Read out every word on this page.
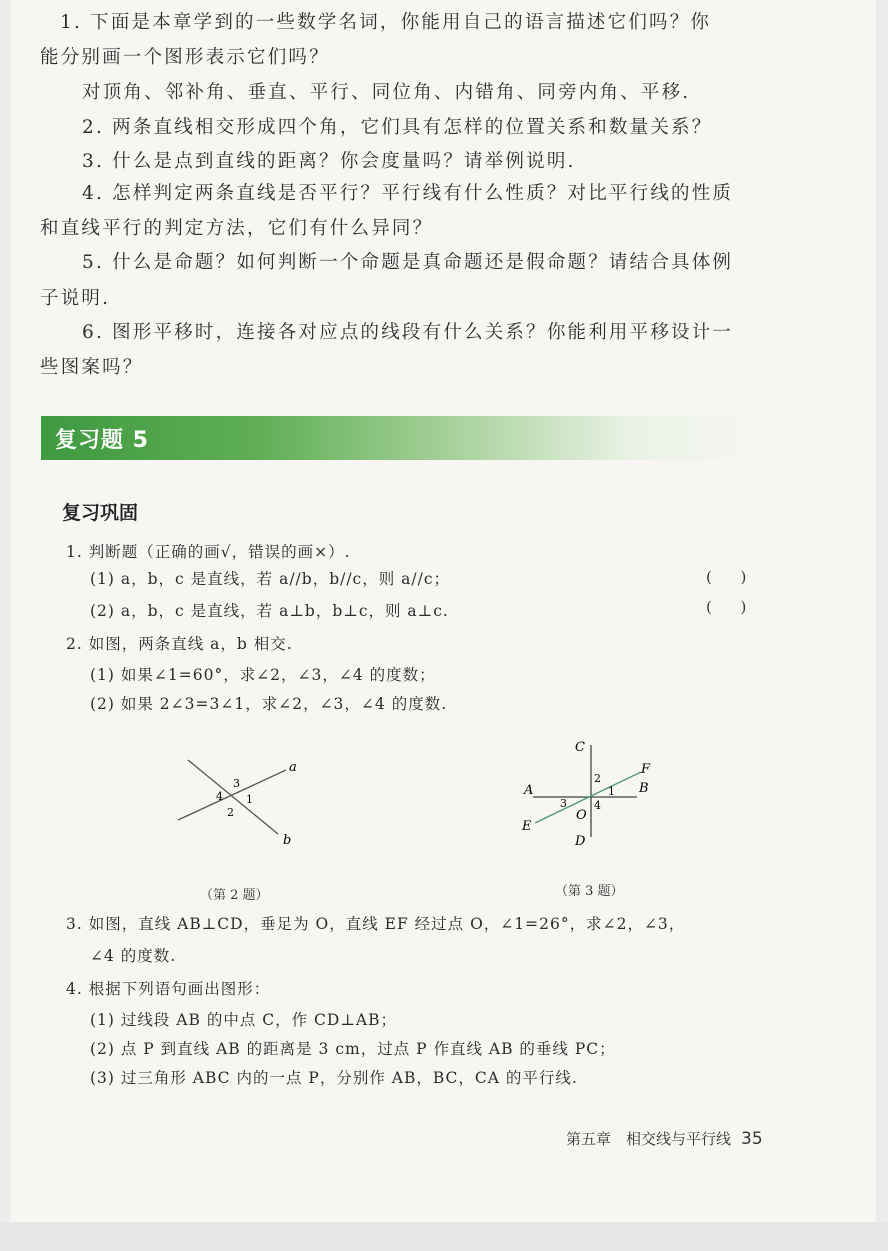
1. 下面是本章学到的一些数学名词，你能用自己的语言描述它们吗？你
能分别画一个图形表示它们吗？
对顶角、邻补角、垂直、平行、同位角、内错角、同旁内角、平移.
2. 两条直线相交形成四个角，它们具有怎样的位置关系和数量关系？
3. 什么是点到直线的距离？你会度量吗？请举例说明.
4. 怎样判定两条直线是否平行？平行线有什么性质？对比平行线的性质
和直线平行的判定方法，它们有什么异同？
5. 什么是命题？如何判断一个命题是真命题还是假命题？请结合具体例
子说明.
6. 图形平移时，连接各对应点的线段有什么关系？你能利用平移设计一
些图案吗？
复习题 5
复习巩固
1. 判断题（正确的画√，错误的画×）.
(1) a，b，c 是直线，若 a//b，b//c，则 a//c；	(      )
(2) a，b，c 是直线，若 a⊥b，b⊥c，则 a⊥c.	(      )
2. 如图，两条直线 a，b 相交.
(1) 如果∠1=60°，求∠2，∠3，∠4 的度数；
(2) 如果 2∠3=3∠1，求∠2，∠3，∠4 的度数.
a
b
1
2
3
4
（第 2 题）
C
D
A	B
E
F
O
1
2
3 4
（第 3 题）
3. 如图，直线 AB⊥CD，垂足为 O，直线 EF 经过点 O，∠1=26°，求∠2，∠3，
∠4 的度数.
4. 根据下列语句画出图形：
(1) 过线段 AB 的中点 C，作 CD⊥AB；
(2) 点 P 到直线 AB 的距离是 3 cm，过点 P 作直线 AB 的垂线 PC；
(3) 过三角形 ABC 内的一点 P，分别作 AB，BC，CA 的平行线.
第五章　相交线与平行线 35
